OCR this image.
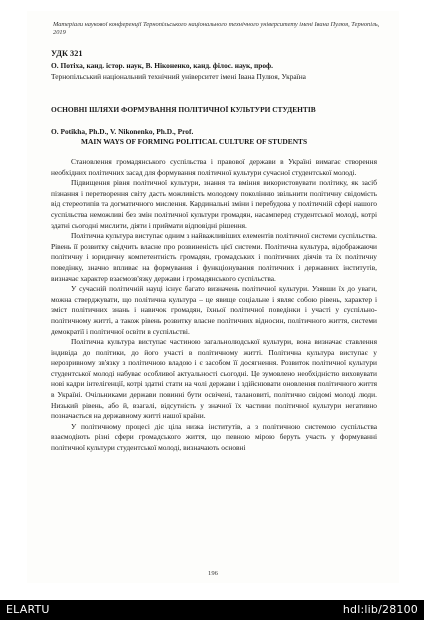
Матеріали наукової конференції Тернопільського національного технічного університету імені Івана Пулюя, Тернопіль, 2019
УДК 321
О. Потіха, канд. істор. наук, В. Ніконенко, канд. філос. наук, проф.
Тернопільський національний технічний університет імені Івана Пулюя, Україна
ОСНОВНІ ШЛЯХИ ФОРМУВАННЯ ПОЛІТИЧНОЇ КУЛЬТУРИ СТУДЕНТІВ
O. Potikha, Ph.D., V. Nikonenko, Ph.D., Prof.
MAIN WAYS OF FORMING POLITICAL CULTURE OF STUDENTS

Становлення громадянського суспільства і правової держави в Україні вимагає створення необхідних політичних засад для формування політичної культури сучасної студентської молоді.

Підвищення рівня політичної культури, знання та вміння використовувати політику, як засіб пізнання і перетворення світу дасть можливість молодому поколінню звільнити політичну свідомість від стереотипів та догматичного мислення. Кардинальні зміни і перебудова у політичній сфері нашого суспільства неможливі без змін політичної культури громадян, насамперед студентської молоді, котрі здатні сьогодні мислити, діяти і приймати відповідні рішення.

Політична культура виступає одним з найважливіших елементів політичної системи суспільства. Рівень її розвитку свідчить власне про розвиненість цієї системи. Політична культура, відображаючи політичну і юридичну компетентність громадян, громадських і політичних діячів та їх політичну поведінку, значно впливає на формування і функціонування політичних і державних інститутів, визначає характер взаємозв'язку держави і громадянського суспільства.

У сучасній політичній науці існує багато визначень політичної культури. Узявши їх до уваги, можна стверджувати, що політична культура – це явище соціальне і являє собою рівень, характер і зміст політичних знань і навичок громадян, їхньої політичної поведінки і участі у суспільно-політичному житті, а також рівень розвитку власне політичних відносин, політичного життя, системи демократії і політичної освіти в суспільстві.

Політична культура виступає частиною загальнолюдської культури, вона визначає ставлення індивіда до політики, до його участі в політичному житті. Політична культура виступає у нерозривному зв'язку з політичною владою і є засобом її досягнення. Розвиток політичної культури студентської молоді набуває особливої актуальності сьогодні. Це зумовлено необхідністю виховувати нові кадри інтелігенції, котрі здатні стати на чолі держави і здійснювати оновлення політичного життя в Україні. Очільниками держави повинні бути освічені, талановиті, політично свідомі молоді люди. Низький рівень, або й, взагалі, відсутність у значної їх частини політичної культури негативно позначається на державному житті нашої країни.

У політичному процесі діє ціла низка інститутів, а з політичною системою суспільства взаємодіють різні сфери громадського життя, що певною мірою беруть участь у формуванні політичної культури студентської молоді, визначають основні

196
ELARTU	hdl:lib/28100
